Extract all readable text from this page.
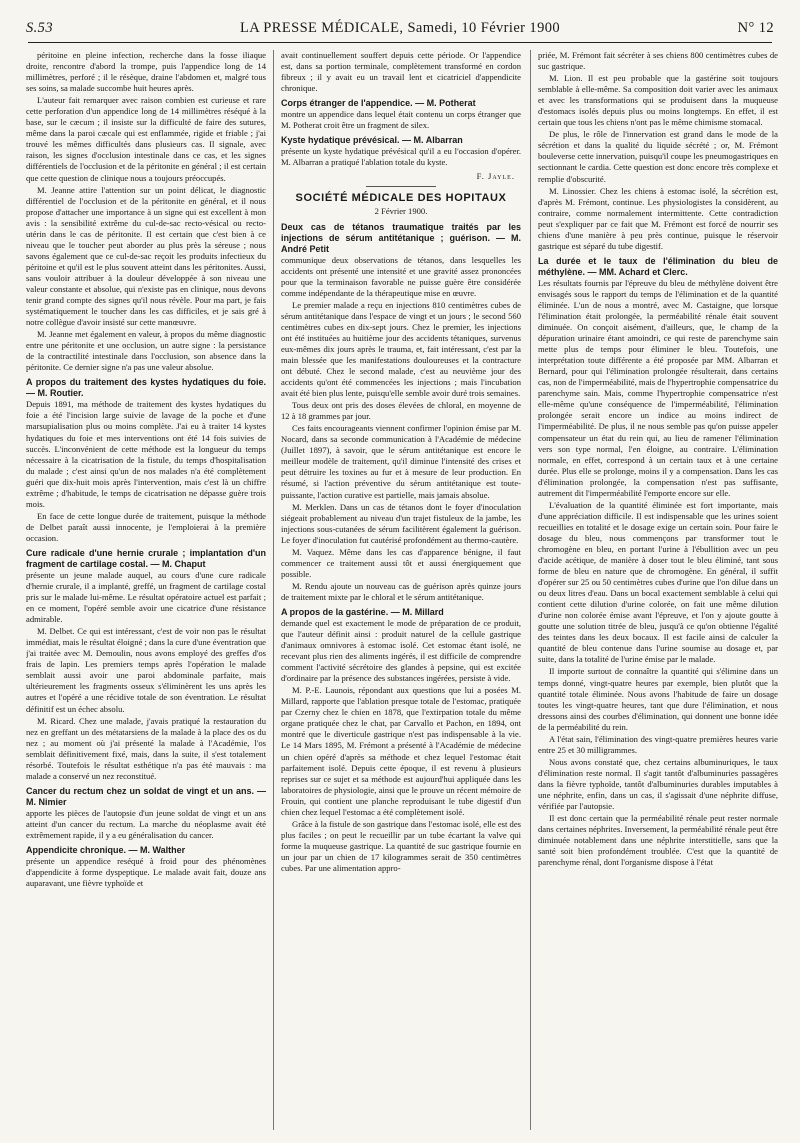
S.53	LA PRESSE MÉDICALE, Samedi, 10 Février 1900	N° 12

péritoine en pleine infection, recherche dans la fosse iliaque droite, rencontre d'abord la trompe, puis l'appendice long de 14 millimètres, perforé ; il le résèque, draine l'abdomen et, malgré tous ses soins, sa malade succombe huit heures après.

L'auteur fait remarquer avec raison combien est curieuse et rare cette perforation d'un appendice long de 14 millimètres réséqué à la base, sur le cæcum ; il insiste sur la difficulté de faire des sutures, même dans la paroi cæcale qui est enflammée, rigide et friable ; j'ai trouvé les mêmes difficultés dans plusieurs cas. Il signale, avec raison, les signes d'occlusion intestinale dans ce cas, et les signes différentiels de l'occlusion et de la péritonite en général ; il est certain que cette question de clinique nous a toujours préoccupés.

M. Jeanne attire l'attention sur un point délicat, le diagnostic différentiel de l'occlusion et de la péritonite en général, et il nous propose d'attacher une importance à un signe qui est excellent à mon avis : la sensibilité extrême du cul-de-sac recto-vésical ou recto-utérin dans le cas de péritonite. Il est certain que c'est bien à ce niveau que le toucher peut aborder au plus près la séreuse ; nous savons également que ce cul-de-sac reçoit les produits infectieux du péritoine et qu'il est le plus souvent atteint dans les péritonites. Aussi, sans vouloir attribuer à la douleur développée à son niveau une valeur constante et absolue, qui n'existe pas en clinique, nous devons tenir grand compte des signes qu'il nous révèle. Pour ma part, je fais systématiquement le toucher dans les cas difficiles, et je sais gré à notre collègue d'avoir insisté sur cette manœuvre.

M. Jeanne met également en valeur, à propos du même diagnostic entre une péritonite et une occlusion, un autre signe : la persistance de la contractilité intestinale dans l'occlusion, son absence dans la péritonite. Ce dernier signe n'a pas une valeur absolue.

A propos du traitement des kystes hydatiques du foie. — M. Routier.

Depuis 1891, ma méthode de traitement des kystes hydatiques du foie a été l'incision large suivie de lavage de la poche et d'une marsupialisation plus ou moins complète. J'ai eu à traiter 14 kystes hydatiques du foie et mes interventions ont été 14 fois suivies de succès. L'inconvénient de cette méthode est la longueur du temps nécessaire à la cicatrisation de la fistule, du temps d'hospitalisation du malade ; c'est ainsi qu'un de nos malades n'a été complètement guéri que dix-huit mois après l'intervention, mais c'est là un chiffre extrême ; d'habitude, le temps de cicatrisation ne dépasse guère trois mois.

En face de cette longue durée de traitement, puisque la méthode de Delbet paraît aussi innocente, je l'emploierai à la première occasion.

Cure radicale d'une hernie crurale ; implantation d'un fragment de cartilage costal. — M. Chaput

présente un jeune malade auquel, au cours d'une cure radicale d'hernie crurale, il a implanté, greffé, un fragment de cartilage costal pris sur le malade lui-même. Le résultat opératoire actuel est parfait ; en ce moment, l'opéré semble avoir une cicatrice d'une résistance admirable.

M. Delbet. Ce qui est intéressant, c'est de voir non pas le résultat immédiat, mais le résultat éloigné ; dans la cure d'une éventration que j'ai traitée avec M. Demoulin, nous avons employé des greffes d'os frais de lapin. Les premiers temps après l'opération le malade semblait aussi avoir une paroi abdominale parfaite, mais ultérieurement les fragments osseux s'éliminèrent les uns après les autres et l'opéré a une récidive totale de son éventration. Le résultat définitif est un échec absolu.

M. Ricard. Chez une malade, j'avais pratiqué la restauration du nez en greffant un des métatarsiens de la malade à la place des os du nez ; au moment où j'ai présenté la malade à l'Académie, l'os semblait définitivement fixé, mais, dans la suite, il s'est totalement résorbé. Toutefois le résultat esthétique n'a pas été mauvais : ma malade a conservé un nez reconstitué.

Cancer du rectum chez un soldat de vingt et un ans. — M. Nimier

apporte les pièces de l'autopsie d'un jeune soldat de vingt et un ans atteint d'un cancer du rectum. La marche du néoplasme avait été extrêmement rapide, il y a eu généralisation du cancer.

Appendicite chronique. — M. Walther

présente un appendice reséqué à froid pour des phénomènes d'appendicite à forme dyspeptique. Le malade avait fait, douze ans auparavant, une fièvre typhoïde et

avait continuellement souffert depuis cette période. Or l'appendice est, dans sa portion terminale, complètement transformé en cordon fibreux ; il y avait eu un travail lent et cicatriciel d'appendicite chronique.

Corps étranger de l'appendice. — M. Potherat

montre un appendice dans lequel était contenu un corps étranger que M. Potherat croit être un fragment de silex.

Kyste hydatique prévésical. — M. Albarran

présente un kyste hydatique prévésical qu'il a eu l'occasion d'opérer. M. Albarran a pratiqué l'ablation totale du kyste.

F. Jayle.

SOCIÉTÉ MÉDICALE DES HOPITAUX

2 Février 1900.

Deux cas de tétanos traumatique traités par les injections de sérum antitétanique ; guérison. — M. André Petit

communique deux observations de tétanos, dans lesquelles les accidents ont présenté une intensité et une gravité assez prononcées pour que la terminaison favorable ne puisse guère être considérée comme indépendante de la thérapeutique mise en œuvre.

Le premier malade a reçu en injections 810 centimètres cubes de sérum antitétanique dans l'espace de vingt et un jours ; le second 560 centimètres cubes en dix-sept jours. Chez le premier, les injections ont été instituées au huitième jour des accidents tétaniques, survenus eux-mêmes dix jours après le trauma, et, fait intéressant, c'est par la main blessée que les manifestations douloureuses et la contracture ont débuté. Chez le second malade, c'est au neuvième jour des accidents qu'ont été commencées les injections ; mais l'incubation avait été bien plus lente, puisqu'elle semble avoir duré trois semaines.

Tous deux ont pris des doses élevées de chloral, en moyenne de 12 à 18 grammes par jour.

Ces faits encourageants viennent confirmer l'opinion émise par M. Nocard, dans sa seconde communication à l'Académie de médecine (Juillet 1897), à savoir, que le sérum antitétanique est encore le meilleur modèle de traitement, qu'il diminue l'intensité des crises et peut détruire les toxines au fur et à mesure de leur production. En résumé, si l'action préventive du sérum antitétanique est toute-puissante, l'action curative est partielle, mais jamais absolue.

M. Merklen. Dans un cas de tétanos dont le foyer d'inoculation siégeait probablement au niveau d'un trajet fistuleux de la jambe, les injections sous-cutanées de sérum facilitèrent également la guérison. Le foyer d'inoculation fut cautérisé profondément au thermo-cautère.

M. Vaquez. Même dans les cas d'apparence bénigne, il faut commencer ce traitement aussi tôt et aussi énergiquement que possible.

M. Rendu ajoute un nouveau cas de guérison après quinze jours de traitement mixte par le chloral et le sérum antitétanique.

A propos de la gastérine. — M. Millard

demande quel est exactement le mode de préparation de ce produit, que l'auteur définit ainsi : produit naturel de la cellule gastrique d'animaux omnivores à estomac isolé. Cet estomac étant isolé, ne recevant plus rien des aliments ingérés, il est difficile de comprendre comment l'activité sécrétoire des glandes à pepsine, qui est excitée d'ordinaire par la présence des substances ingérées, persiste à vide.

M. P.-E. Launois, répondant aux questions que lui a posées M. Millard, rapporte que l'ablation presque totale de l'estomac, pratiquée par Czerny chez le chien en 1878, que l'extirpation totale du même organe pratiquée chez le chat, par Carvallo et Pachon, en 1894, ont montré que le diverticule gastrique n'est pas indispensable à la vie. Le 14 Mars 1895, M. Frémont a présenté à l'Académie de médecine un chien opéré d'après sa méthode et chez lequel l'estomac était parfaitement isolé. Depuis cette époque, il est revenu à plusieurs reprises sur ce sujet et sa méthode est aujourd'hui appliquée dans les laboratoires de physiologie, ainsi que le prouve un récent mémoire de Frouin, qui contient une planche reproduisant le tube digestif d'un chien chez lequel l'estomac a été complètement isolé.

Grâce à la fistule de son gastrique dans l'estomac isolé, elle est des plus faciles ; on peut le recueillir par un tube écartant la valve qui forme la muqueuse gastrique. La quantité de suc gastrique fournie en un jour par un chien de 17 kilogrammes serait de 350 centimètres cubes. Par une alimentation appro-

priée, M. Frémont fait sécréter à ses chiens 800 centimètres cubes de suc gastrique.

M. Lion. Il est peu probable que la gastérine soit toujours semblable à elle-même. Sa composition doit varier avec les animaux et avec les transformations qui se produisent dans la muqueuse d'estomacs isolés depuis plus ou moins longtemps. En effet, il est certain que tous les chiens n'ont pas le même chimisme stomacal.

De plus, le rôle de l'innervation est grand dans le mode de la sécrétion et dans la qualité du liquide sécrété ; or, M. Frémont bouleverse cette innervation, puisqu'il coupe les pneumogastriques en sectionnant le cardia. Cette question est donc encore très complexe et remplie d'obscurité.

M. Linossier. Chez les chiens à estomac isolé, la sécrétion est, d'après M. Frémont, continue. Les physiologistes la considèrent, au contraire, comme normalement intermittente. Cette contradiction peut s'expliquer par ce fait que M. Frémont est forcé de nourrir ses chiens d'une manière à peu près continue, puisque le réservoir gastrique est séparé du tube digestif.

La durée et le taux de l'élimination du bleu de méthylène. — MM. Achard et Clerc.

Les résultats fournis par l'épreuve du bleu de méthylène doivent être envisagés sous le rapport du temps de l'élimination et de la quantité éliminée. L'un de nous a montré, avec M. Castaigne, que lorsque l'élimination était prolongée, la perméabilité rénale était souvent diminuée. On conçoit aisément, d'ailleurs, que, le champ de la dépuration urinaire étant amoindri, ce qui reste de parenchyme sain mette plus de temps pour éliminer le bleu. Toutefois, une interprétation toute différente a été proposée par MM. Albarran et Bernard, pour qui l'élimination prolongée résulterait, dans certains cas, non de l'imperméabilité, mais de l'hypertrophie compensatrice du parenchyme sain. Mais, comme l'hypertrophie compensatrice n'est elle-même qu'une conséquence de l'imperméabilité, l'élimination prolongée serait encore un indice au moins indirect de l'imperméabilité. De plus, il ne nous semble pas qu'on puisse appeler compensateur un état du rein qui, au lieu de ramener l'élimination vers son type normal, l'en éloigne, au contraire. L'élimination normale, en effet, correspond à un certain taux et à une certaine durée. Plus elle se prolonge, moins il y a compensation. Dans les cas d'élimination prolongée, la compensation n'est pas suffisante, autrement dit l'imperméabilité l'emporte encore sur elle.

L'évaluation de la quantité éliminée est fort importante, mais d'une appréciation difficile. Il est indispensable que les urines soient recueillies en totalité et le dosage exige un certain soin. Pour faire le dosage du bleu, nous commençons par transformer tout le chromogène en bleu, en portant l'urine à l'ébullition avec un peu d'acide acétique, de manière à doser tout le bleu éliminé, tant sous forme de bleu en nature que de chromogène. En général, il suffit d'opérer sur 25 ou 50 centimètres cubes d'urine que l'on dilue dans un ou deux litres d'eau. Dans un bocal exactement semblable à celui qui contient cette dilution d'urine colorée, on fait une même dilution d'urine non colorée émise avant l'épreuve, et l'on y ajoute goutte à goutte une solution titrée de bleu, jusqu'à ce qu'on obtienne l'égalité des teintes dans les deux bocaux. Il est facile ainsi de calculer la quantité de bleu contenue dans l'urine soumise au dosage et, par suite, dans la totalité de l'urine émise par le malade.

Il importe surtout de connaître la quantité qui s'élimine dans un temps donné, vingt-quatre heures par exemple, bien plutôt que la quantité totale éliminée. Nous avons l'habitude de faire un dosage toutes les vingt-quatre heures, tant que dure l'élimination, et nous dressons ainsi des courbes d'élimination, qui donnent une bonne idée de la perméabilité du rein.

A l'état sain, l'élimination des vingt-quatre premières heures varie entre 25 et 30 milligrammes.

Nous avons constaté que, chez certains albuminuriques, le taux d'élimination reste normal. Il s'agit tantôt d'albuminuries passagères dans la fièvre typhoïde, tantôt d'albuminuries durables imputables à une néphrite, enfin, dans un cas, il s'agissait d'une néphrite diffuse, vérifiée par l'autopsie.

Il est donc certain que la perméabilité rénale peut rester normale dans certaines néphrites. Inversement, la perméabilité rénale peut être diminuée notablement dans une néphrite interstitielle, sans que la santé soit bien profondément troublée. C'est que la quantité de parenchyme rénal, dont l'organisme dispose à l'état
